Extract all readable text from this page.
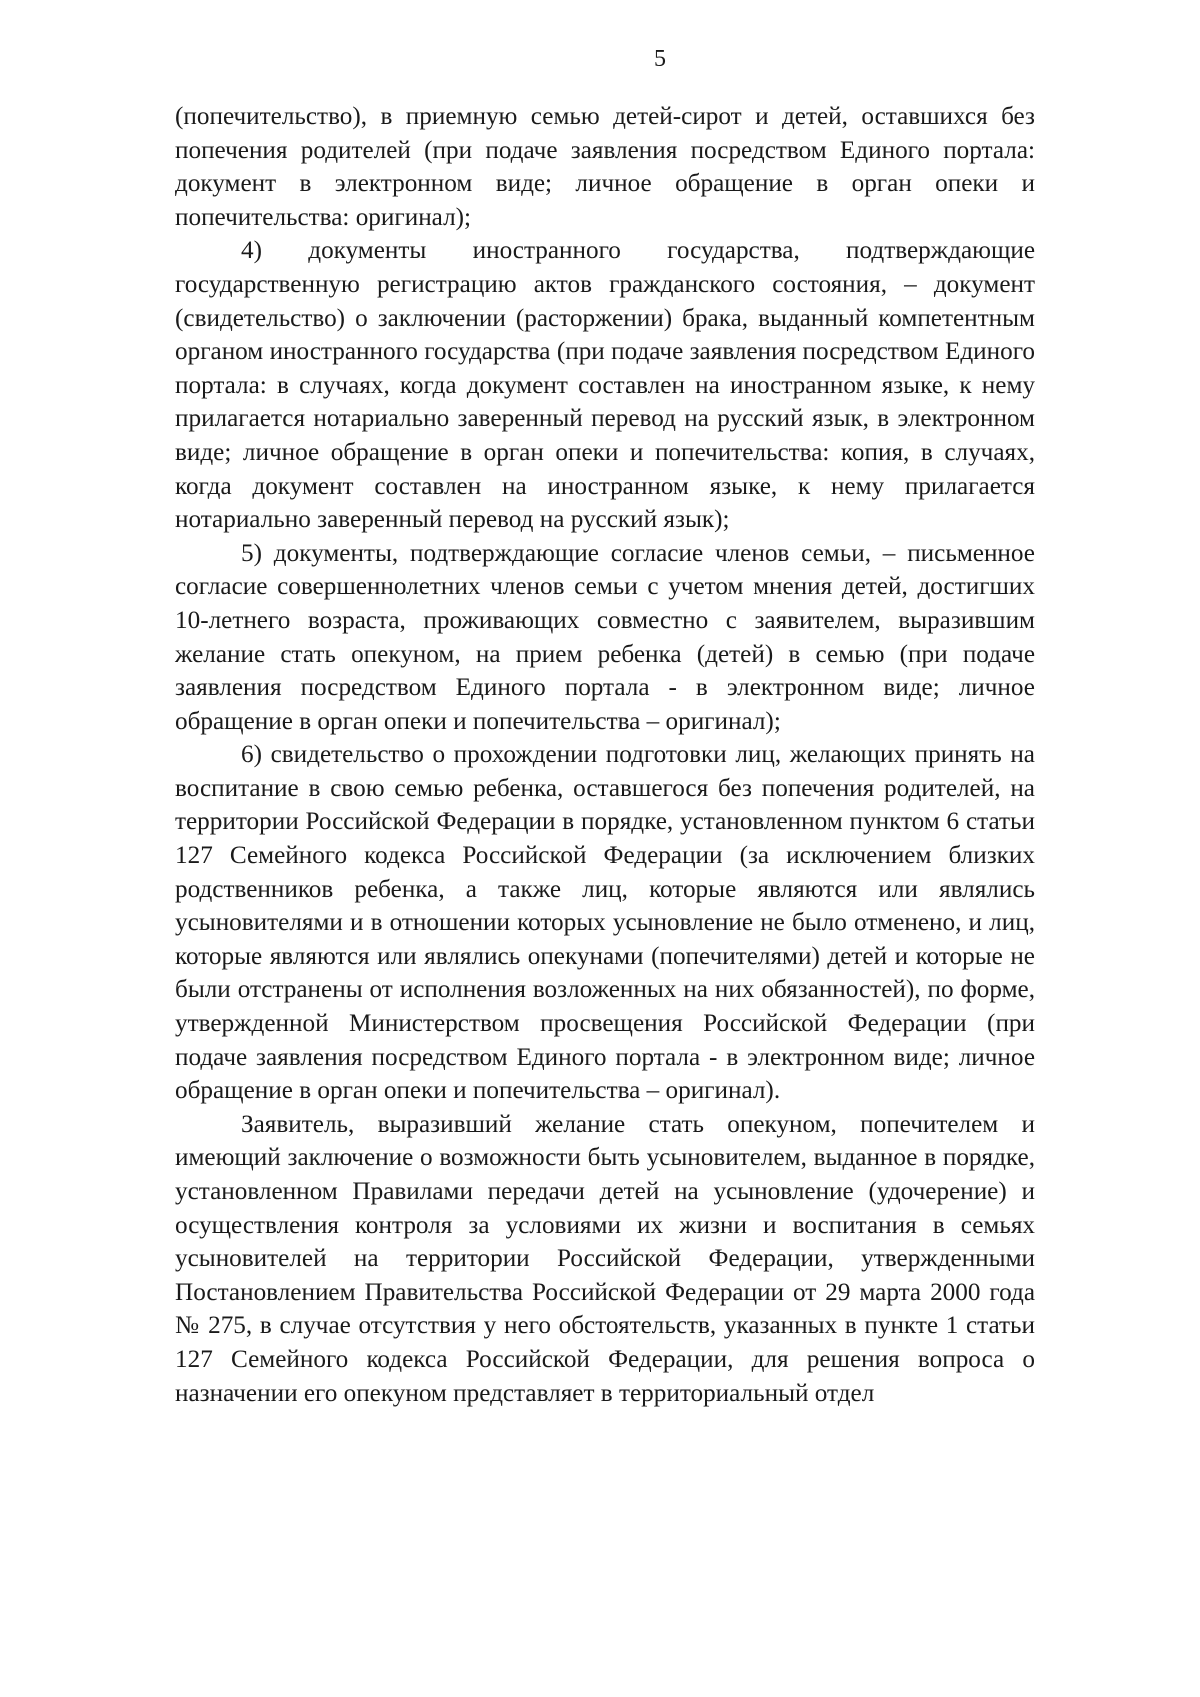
5

(попечительство), в приемную семью детей-сирот и детей, оставшихся без попечения родителей (при подаче заявления посредством Единого портала: документ в электронном виде; личное обращение в орган опеки и попечительства: оригинал);

4) документы иностранного государства, подтверждающие государственную регистрацию актов гражданского состояния, – документ (свидетельство) о заключении (расторжении) брака, выданный компетентным органом иностранного государства (при подаче заявления посредством Единого портала: в случаях, когда документ составлен на иностранном языке, к нему прилагается нотариально заверенный перевод на русский язык, в электронном виде; личное обращение в орган опеки и попечительства: копия, в случаях, когда документ составлен на иностранном языке, к нему прилагается нотариально заверенный перевод на русский язык);

5) документы, подтверждающие согласие членов семьи, – письменное согласие совершеннолетних членов семьи с учетом мнения детей, достигших 10-летнего возраста, проживающих совместно с заявителем, выразившим желание стать опекуном, на прием ребенка (детей) в семью (при подаче заявления посредством Единого портала - в электронном виде; личное обращение в орган опеки и попечительства – оригинал);

6) свидетельство о прохождении подготовки лиц, желающих принять на воспитание в свою семью ребенка, оставшегося без попечения родителей, на территории Российской Федерации в порядке, установленном пунктом 6 статьи 127 Семейного кодекса Российской Федерации (за исключением близких родственников ребенка, а также лиц, которые являются или являлись усыновителями и в отношении которых усыновление не было отменено, и лиц, которые являются или являлись опекунами (попечителями) детей и которые не были отстранены от исполнения возложенных на них обязанностей), по форме, утвержденной Министерством просвещения Российской Федерации (при подаче заявления посредством Единого портала - в электронном виде; личное обращение в орган опеки и попечительства – оригинал).

Заявитель, выразивший желание стать опекуном, попечителем и имеющий заключение о возможности быть усыновителем, выданное в порядке, установленном Правилами передачи детей на усыновление (удочерение) и осуществления контроля за условиями их жизни и воспитания в семьях усыновителей на территории Российской Федерации, утвержденными Постановлением Правительства Российской Федерации от 29 марта 2000 года № 275, в случае отсутствия у него обстоятельств, указанных в пункте 1 статьи 127 Семейного кодекса Российской Федерации, для решения вопроса о назначении его опекуном представляет в территориальный отдел
